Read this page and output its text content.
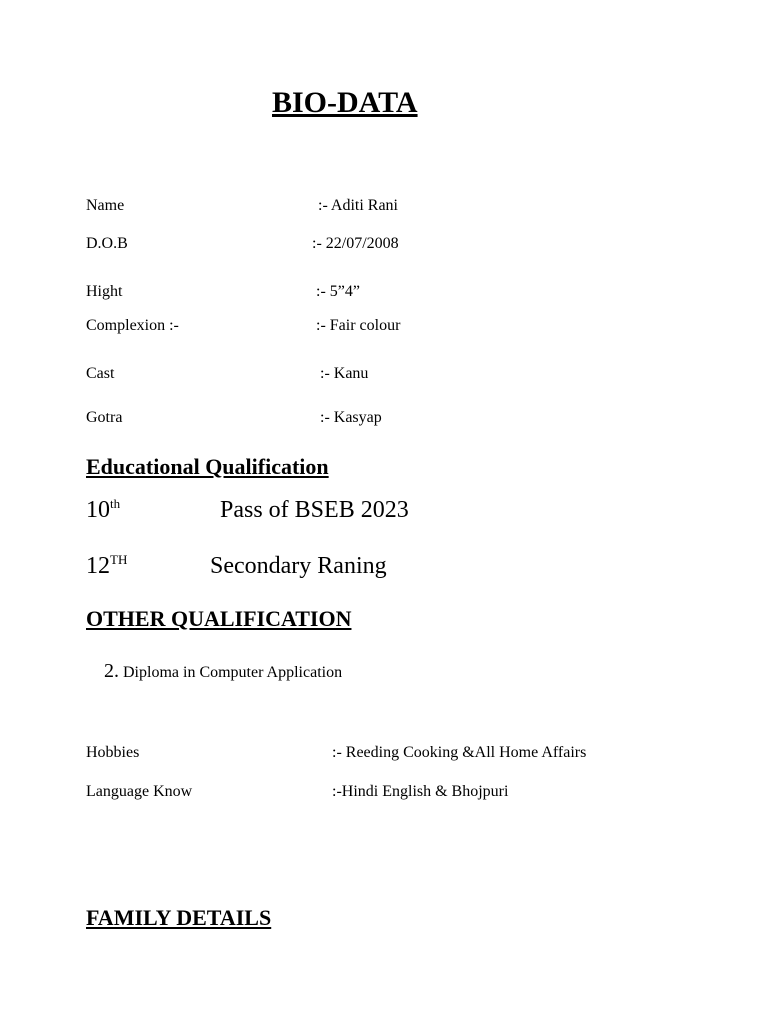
BIO-DATA
Name	:- Aditi Rani
D.O.B	:- 22/07/2008
Hight	:- 5”4”
Complexion :-	:- Fair colour
Cast	:- Kanu
Gotra	:- Kasyap
Educational Qualification
10th	Pass of BSEB 2023
12TH	Secondary Raning
OTHER QUALIFICATION
2. Diploma in Computer Application
Hobbies	:- Reeding Cooking &All Home Affairs
Language Know	:-Hindi English & Bhojpuri
FAMILY DETAILS
